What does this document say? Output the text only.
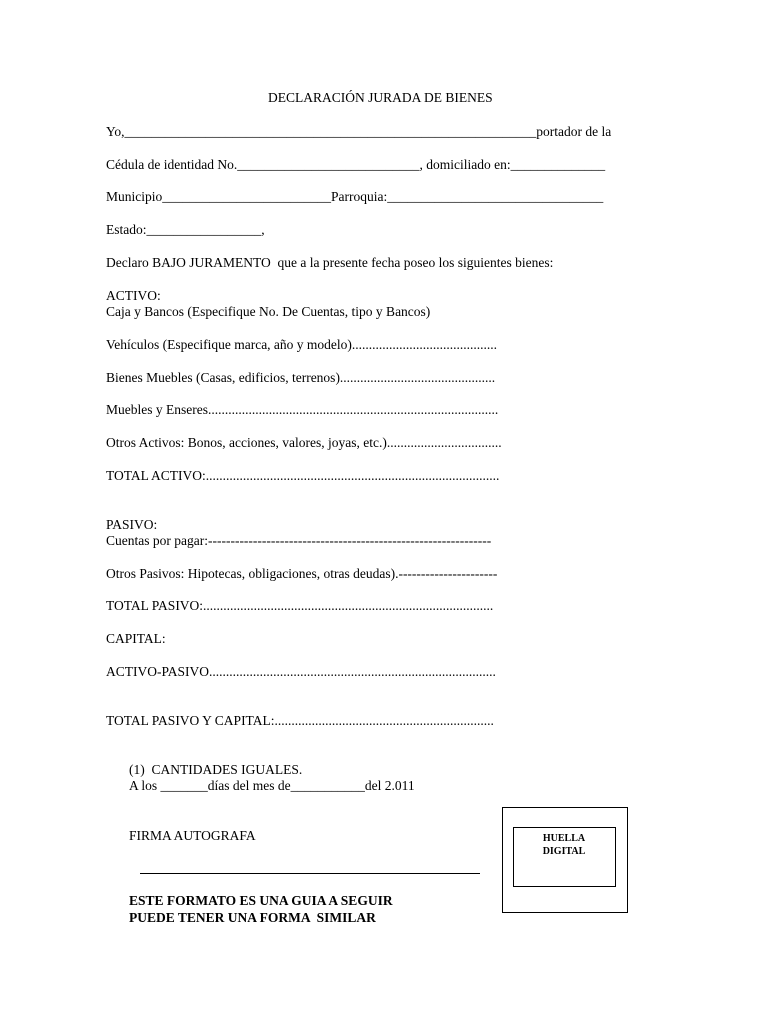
DECLARACIÓN JURADA DE BIENES
Yo,_____________________________________________________________portador de la
Cédula de identidad No.___________________________, domiciliado en:______________
Municipio_________________________Parroquia:________________________________
Estado:_________________,
Declaro BAJO JURAMENTO  que a la presente fecha poseo los siguientes bienes:
ACTIVO:
Caja y Bancos (Especifique No. De Cuentas, tipo y Bancos)
Vehículos (Especifique marca, año y modelo)...........................................
Bienes Muebles (Casas, edificios, terrenos)..............................................
Muebles y Enseres......................................................................................
Otros Activos: Bonos, acciones, valores, joyas, etc.)..................................
TOTAL ACTIVO:.......................................................................................
PASIVO:
Cuentas por pagar:---------------------------------------------------------------
Otros Pasivos: Hipotecas, obligaciones, otras deudas).----------------------
TOTAL PASIVO:......................................................................................
CAPITAL:
ACTIVO-PASIVO.....................................................................................
TOTAL PASIVO Y CAPITAL:.................................................................
(1)  CANTIDADES IGUALES.
A los _______días del mes de___________del 2.011
FIRMA AUTOGRAFA
ESTE FORMATO ES UNA GUIA A SEGUIR
PUEDE TENER UNA FORMA  SIMILAR
HUELLA
DIGITAL
